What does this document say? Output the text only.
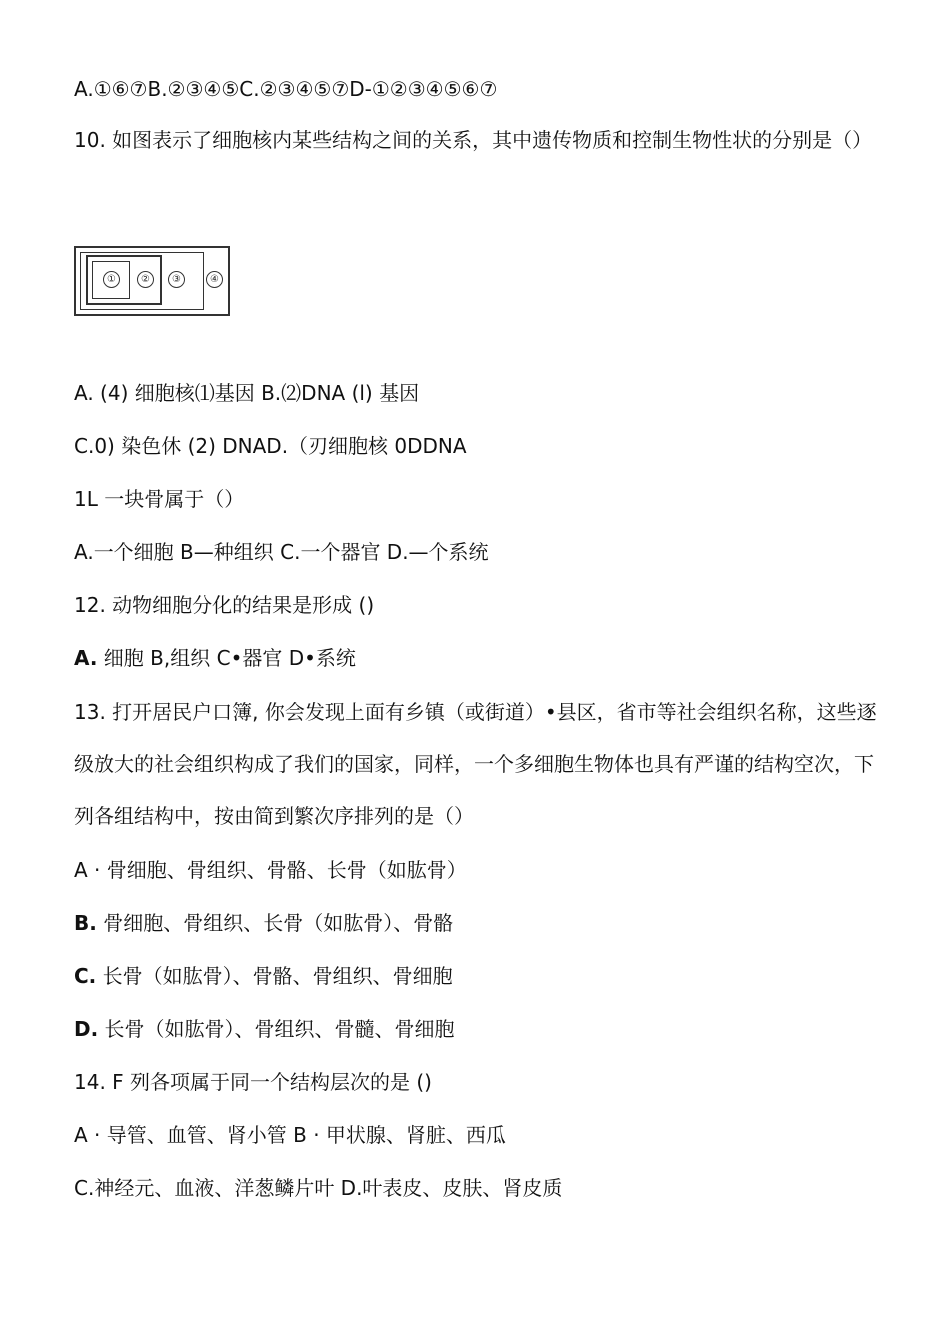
A.①⑥⑦B.②③④⑤C.②③④⑤⑦D-①②③④⑤⑥⑦
10. 如图表示了细胞核内某些结构之间的关系，其中遗传物质和控制生物性状的分别是（）
①	②	③	④
A. (4) 细胞核⑴基因 B.⑵DNA (l) 基因
C.0) 染色休 (2) DNAD.（刃细胞核 0DDNA
1L 一块骨属于（）
A.一个细胞 B—种组织 C.一个器官 D.—个系统
12. 动物细胞分化的结果是形成 ()
A. 细胞 B,组织 C•器官 D•系统
13. 打开居民户口簿, 你会发现上面有乡镇（或街道）•县区，省市等社会组织名称，这些逐级放大的社会组织构成了我们的国家，同样，一个多细胞生物体也具有严谨的结构空次，下列各组结构中，按由简到繁次序排列的是（）
A · 骨细胞、骨组织、骨骼、长骨（如肱骨）
B. 骨细胞、骨组织、长骨（如肱骨）、骨骼
C. 长骨（如肱骨）、骨骼、骨组织、骨细胞
D. 长骨（如肱骨）、骨组织、骨髓、骨细胞
14. F 列各项属于同一个结构层次的是 ()
A · 导管、血管、肾小管 B · 甲状腺、肾脏、西瓜
C.神经元、血液、洋葱鳞片叶 D.叶表皮、皮肤、肾皮质
